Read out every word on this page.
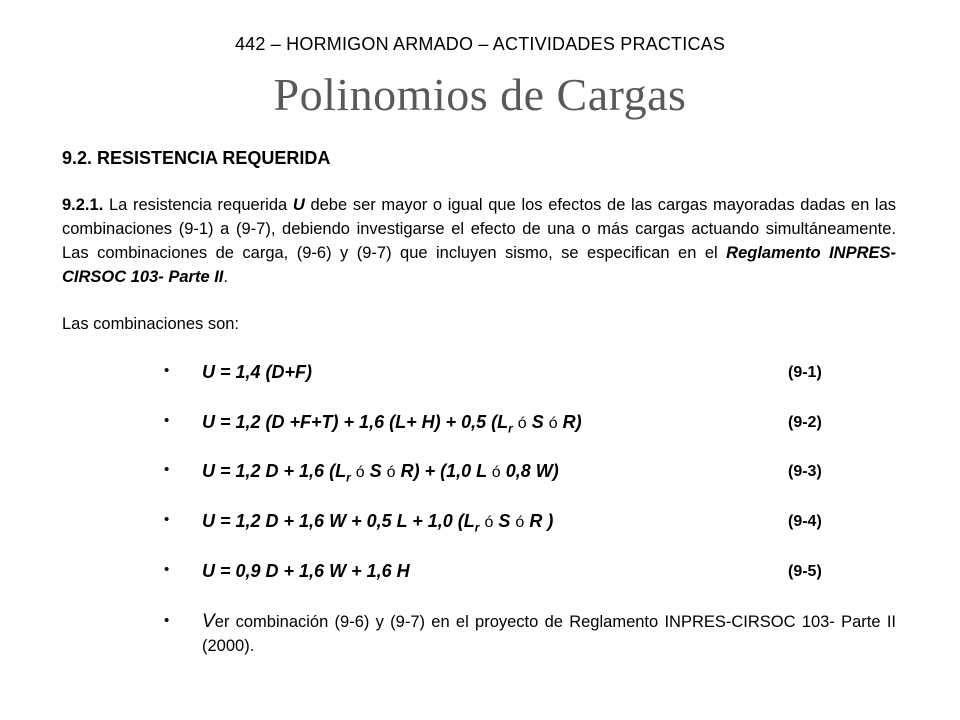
442 – HORMIGON ARMADO – ACTIVIDADES PRACTICAS
Polinomios de Cargas
9.2. RESISTENCIA REQUERIDA
9.2.1. La resistencia requerida U debe ser mayor o igual que los efectos de las cargas mayoradas dadas en las combinaciones (9-1) a (9-7), debiendo investigarse el efecto de una o más cargas actuando simultáneamente. Las combinaciones de carga, (9-6) y (9-7) que incluyen sismo, se especifican en el Reglamento INPRES-CIRSOC 103- Parte II.
Las combinaciones son:
• U = 1,4 (D+F)	(9-1)
• U = 1,2 (D +F+T) + 1,6 (L+ H) + 0,5 ($L_r$ ó S ó R)	(9-2)
• U = 1,2 D + 1,6 ($L_r$ ó S ó R) + (1,0 L ó 0,8 W)	(9-3)
• U = 1,2 D + 1,6 W + 0,5 L + 1,0 ($L_r$ ó S ó R )	(9-4)
• U = 0,9 D + 1,6 W + 1,6 H	(9-5)
• Ver combinación (9-6) y (9-7) en el proyecto de Reglamento INPRES-CIRSOC 103- Parte II (2000).
